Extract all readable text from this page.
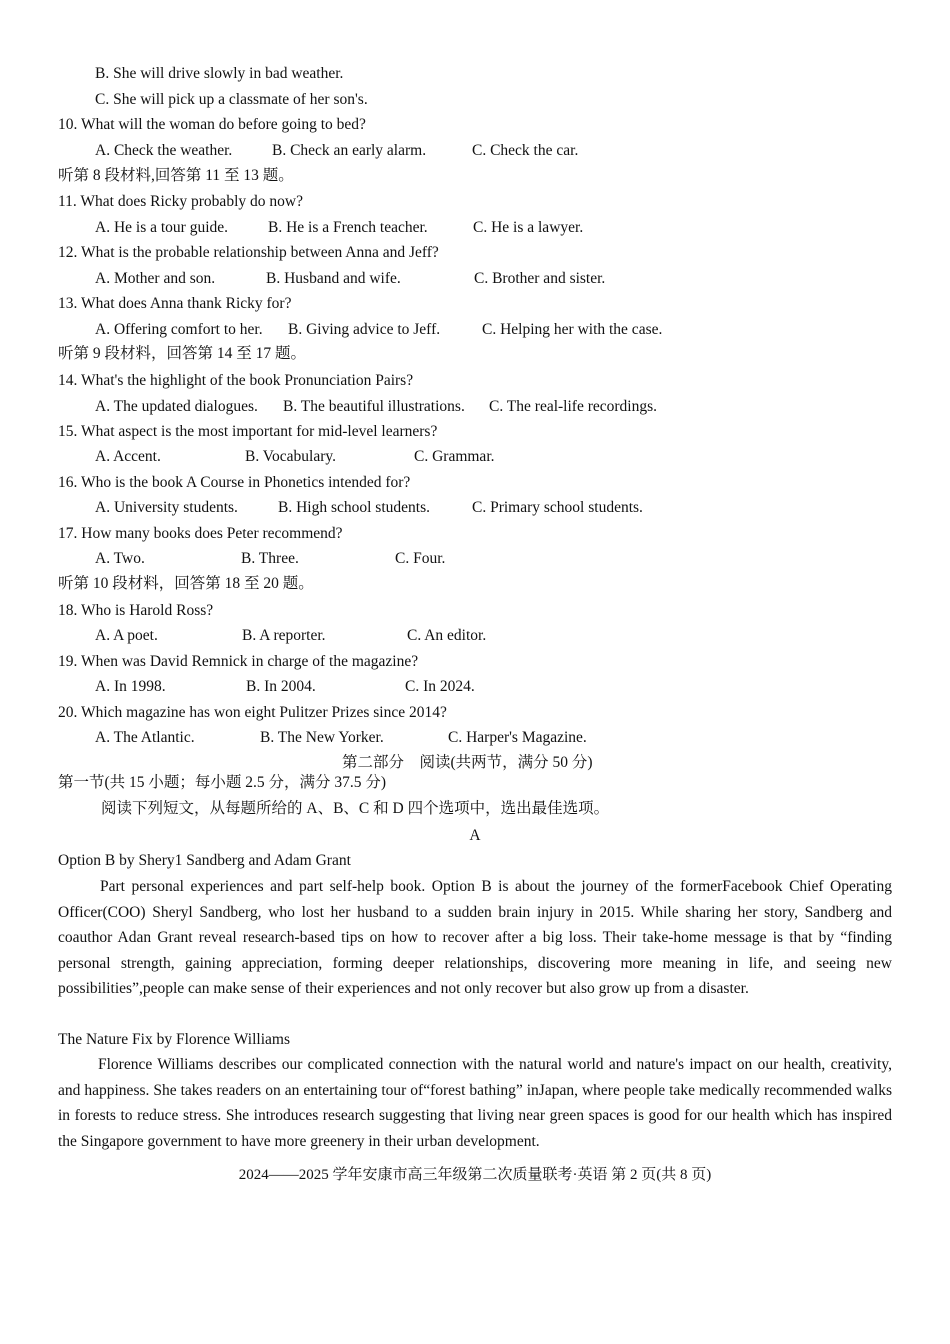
B. She will drive slowly in bad weather.
C. She will pick up a classmate of her son's.
10. What will the woman do before going to bed?
A. Check the weather.	B. Check an early alarm.	C. Check the car.
听第 8 段材料,回答第 11 至 13 题。
11. What does Ricky probably do now?
A. He is a tour guide.	B. He is a French teacher.	C. He is a lawyer.
12. What is the probable relationship between Anna and Jeff?
A. Mother and son.	B. Husband and wife.	C. Brother and sister.
13. What does Anna thank Ricky for?
A. Offering comfort to her. B. Giving advice to Jeff.	C. Helping her with the case.
听第 9 段材料，回答第 14 至 17 题。
14. What's the highlight of the book Pronunciation Pairs?
A. The updated dialogues. B. The beautiful illustrations. C. The real-life recordings.
15. What aspect is the most important for mid-level learners?
A. Accent.	B. Vocabulary.	C. Grammar.
16. Who is the book A Course in Phonetics intended for?
A. University students.	B. High school students.	C. Primary school students.
17. How many books does Peter recommend?
A. Two.	B. Three.	C. Four.
听第 10 段材料，回答第 18 至 20 题。
18. Who is Harold Ross?
A. A poet.	B. A reporter.	C. An editor.
19. When was David Remnick in charge of the magazine?
A. In 1998.	B. In 2004.	C. In 2024.
20. Which magazine has won eight Pulitzer Prizes since 2014?
A. The Atlantic.	B. The New Yorker.	C. Harper's Magazine.
第二部分　阅读(共两节，满分 50 分)
第一节(共 15 小题；每小题 2.5 分，满分 37.5 分)
阅读下列短文，从每题所给的 A、B、C 和 D 四个选项中，选出最佳选项。
A
Option B by Shery1 Sandberg and Adam Grant
Part personal experiences and part self-help book. Option B is about the journey of the formerFacebook Chief Operating Officer(COO) Sheryl Sandberg, who lost her husband to a sudden brain injury in 2015. While sharing her story, Sandberg and coauthor Adan Grant reveal research-based tips on how to recover after a big loss. Their take-home message is that by “finding personal strength, gaining appreciation, forming deeper relationships, discovering more meaning in life, and seeing new possibilities”,people can make sense of their experiences and not only recover but also grow up from a disaster.
The Nature Fix by Florence Williams
Florence Williams describes our complicated connection with the natural world and nature's impact on our health, creativity, and happiness. She takes readers on an entertaining tour of“forest bathing” inJapan, where people take medically recommended walks in forests to reduce stress. She introduces research suggesting that living near green spaces is good for our health which has inspired the Singapore government to have more greenery in their urban development.
2024——2025 学年安康市高三年级第二次质量联考·英语 第 2 页(共 8 页)
